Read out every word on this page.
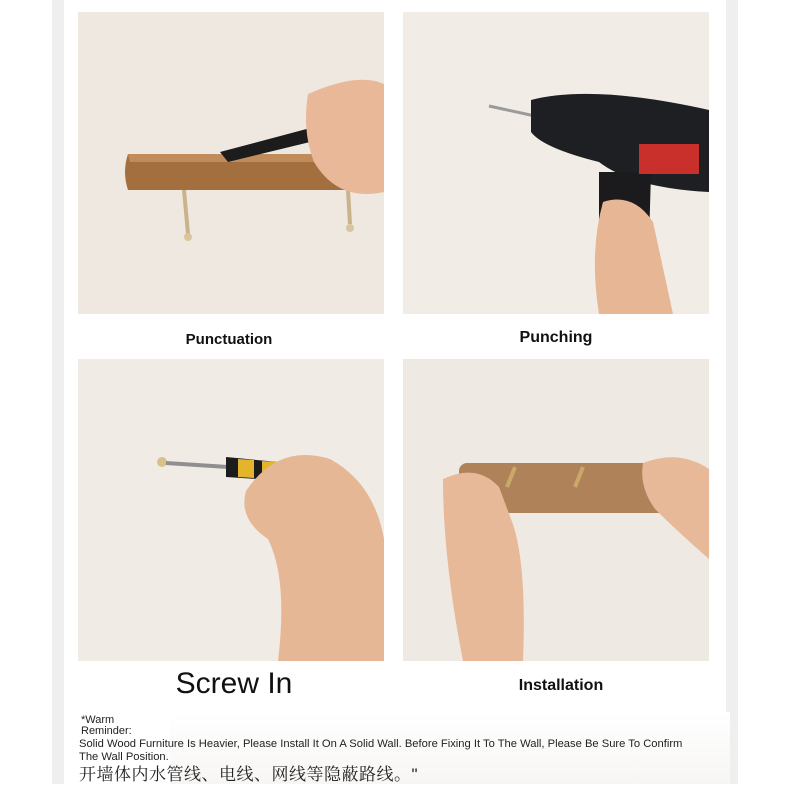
Punctuation	Punching
Screw In	Installation
*Warm
Reminder:
Solid Wood Furniture Is Heavier, Please Install It On A Solid Wall. Before Fixing It To The Wall, Please Be Sure To Confirm The Wall Position.
开墙体内水管线、电线、网线等隐蔽路线。"
